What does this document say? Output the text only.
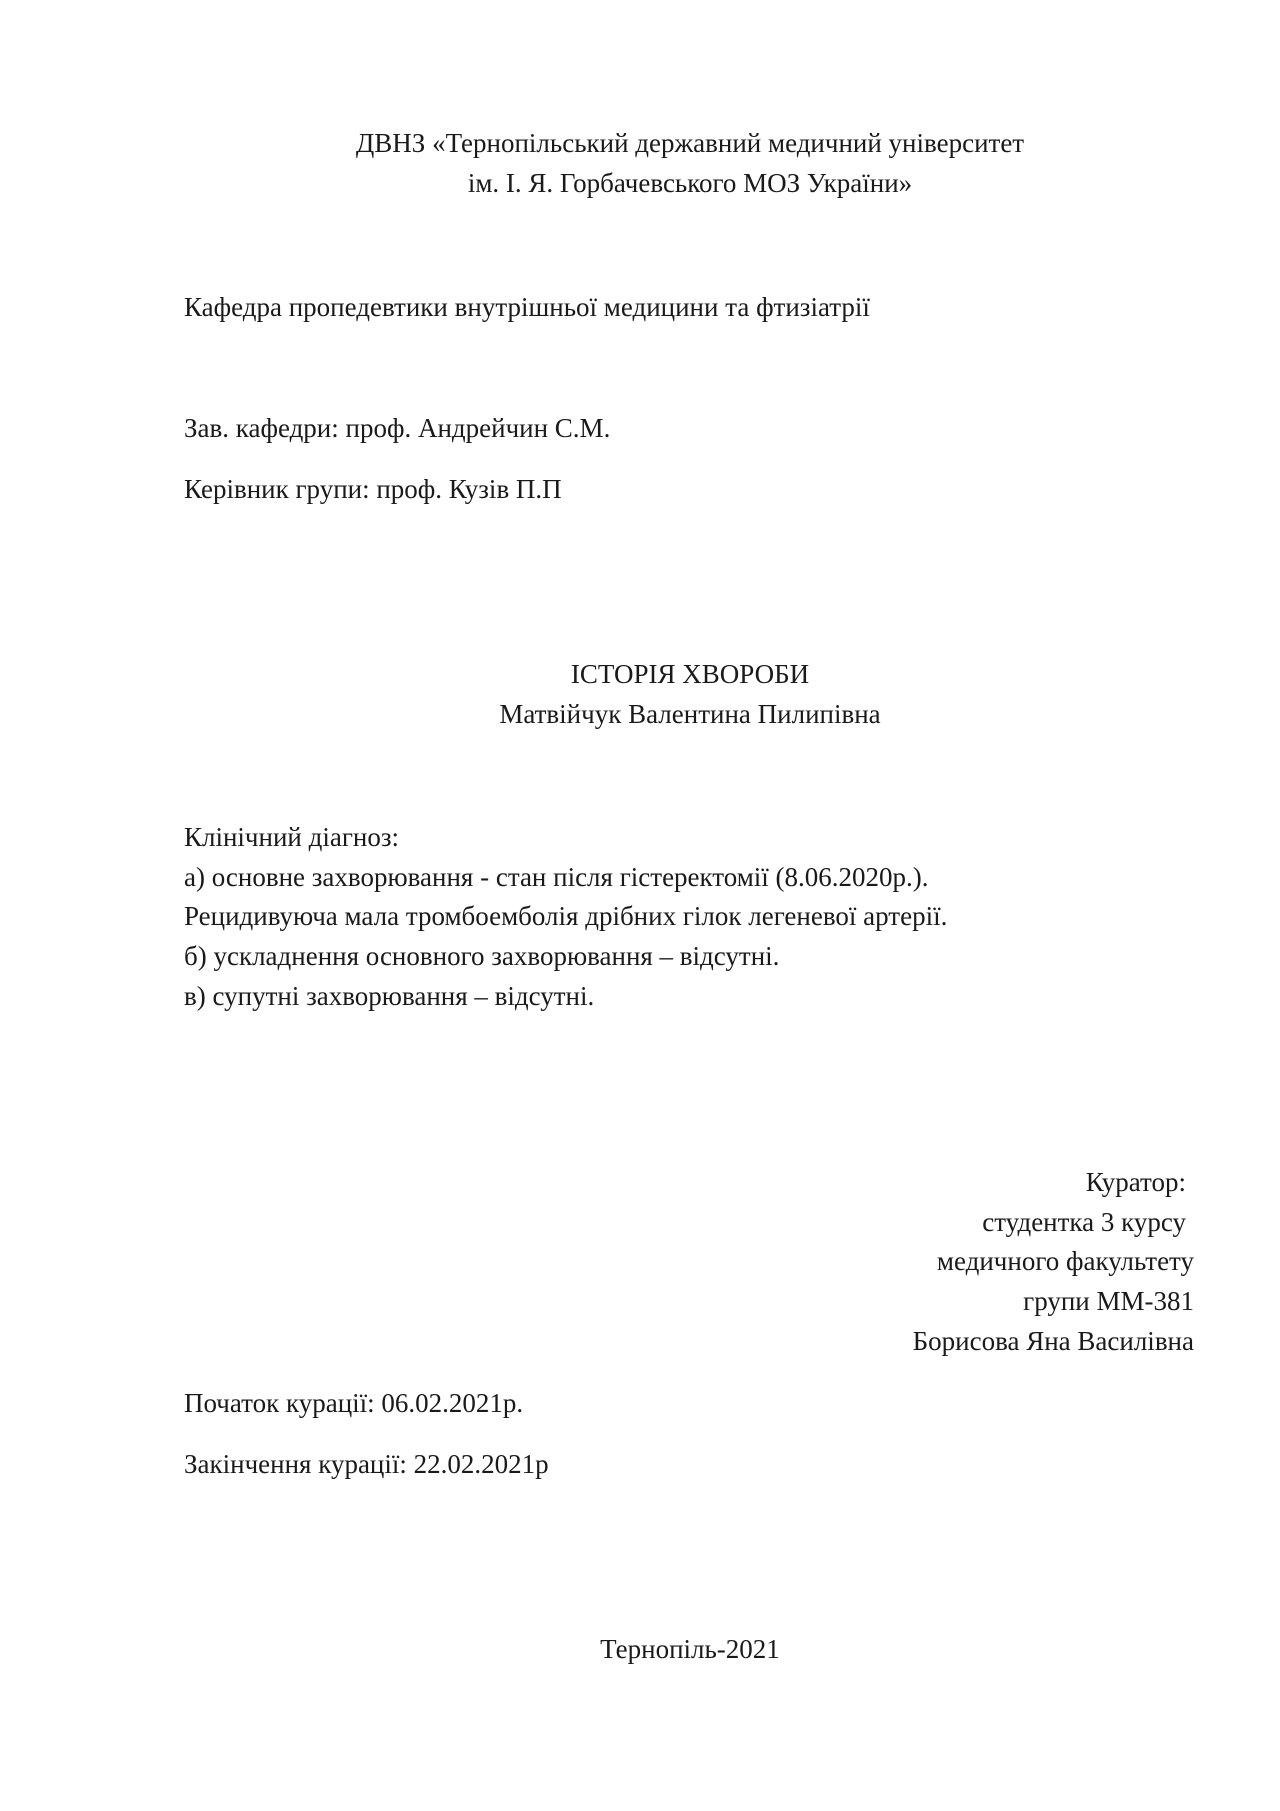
ДВНЗ «Тернопільський державний медичний університет
ім. І. Я. Горбачевського МОЗ України»
Кафедра пропедевтики внутрішньої медицини та фтизіатрії
Зав. кафедри: проф. Андрейчин С.М.
Керівник групи: проф. Кузів П.П
ІСТОРІЯ ХВОРОБИ
Матвійчук Валентина Пилипівна
Клінічний діагноз:
а) основне захворювання - стан після гістеректомії (8.06.2020р.).
Рецидивуюча мала тромбоемболія дрібних гілок легеневої артерії.
б) ускладнення основного захворювання – відсутні.
в) супутні захворювання – відсутні.
Куратор:
студентка 3 курсу
медичного факультету
групи ММ-381
Борисова Яна Василівна
Початок курації: 06.02.2021р.
Закінчення курації: 22.02.2021р
Тернопіль-2021
